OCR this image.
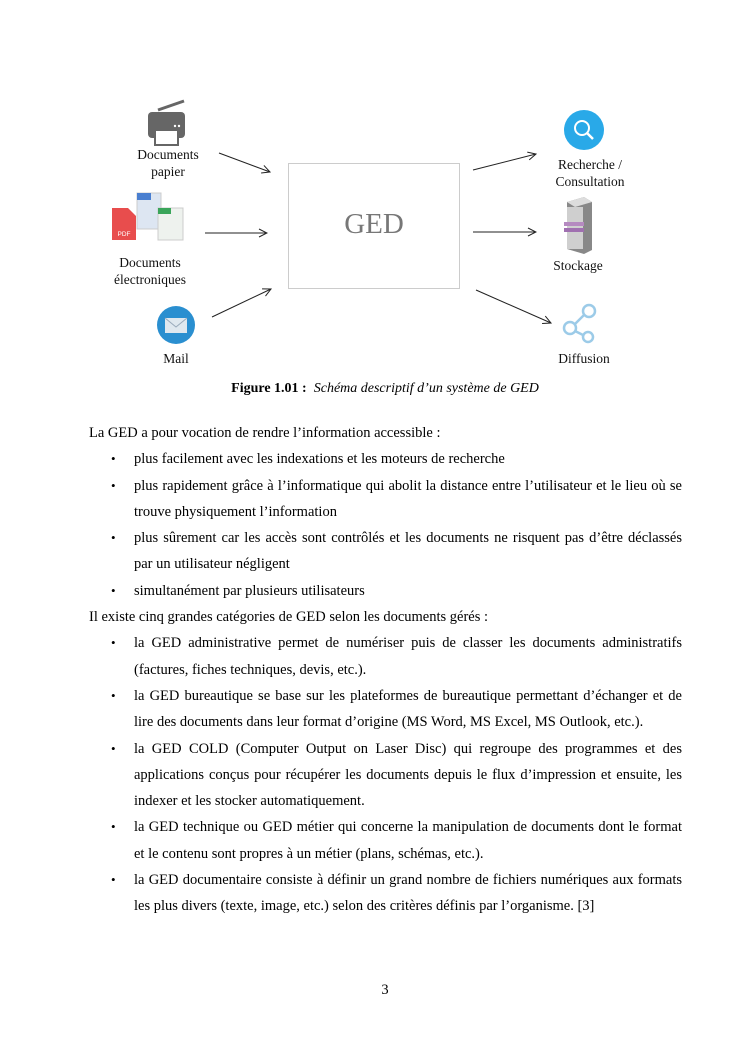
PDF	GED
Documents
papier
Documents
électroniques
Mail
Recherche /
Consultation
Stockage
Diffusion
Figure 1.01 : Schéma descriptif d’un système de GED

La GED a pour vocation de rendre l’information accessible :

• plus facilement avec les indexations et les moteurs de recherche
• plus rapidement grâce à l’informatique qui abolit la distance entre l’utilisateur et le lieu où se trouve physiquement l’information
• plus sûrement car les accès sont contrôlés et les documents ne risquent pas d’être déclassés par un utilisateur négligent
• simultanément par plusieurs utilisateurs

Il existe cinq grandes catégories de GED selon les documents gérés :

• la GED administrative permet de numériser puis de classer les documents administratifs (factures, fiches techniques, devis, etc.).
• la GED bureautique se base sur les plateformes de bureautique permettant d’échanger et de lire des documents dans leur format d’origine (MS Word, MS Excel, MS Outlook, etc.).
• la GED COLD (Computer Output on Laser Disc) qui regroupe des programmes et des applications conçus pour récupérer les documents depuis le flux d’impression et ensuite, les indexer et les stocker automatiquement.
• la GED technique ou GED métier qui concerne la manipulation de documents dont le format et le contenu sont propres à un métier (plans, schémas, etc.).
• la GED documentaire consiste à définir un grand nombre de fichiers numériques aux formats les plus divers (texte, image, etc.) selon des critères définis par l’organisme. [3]
3
